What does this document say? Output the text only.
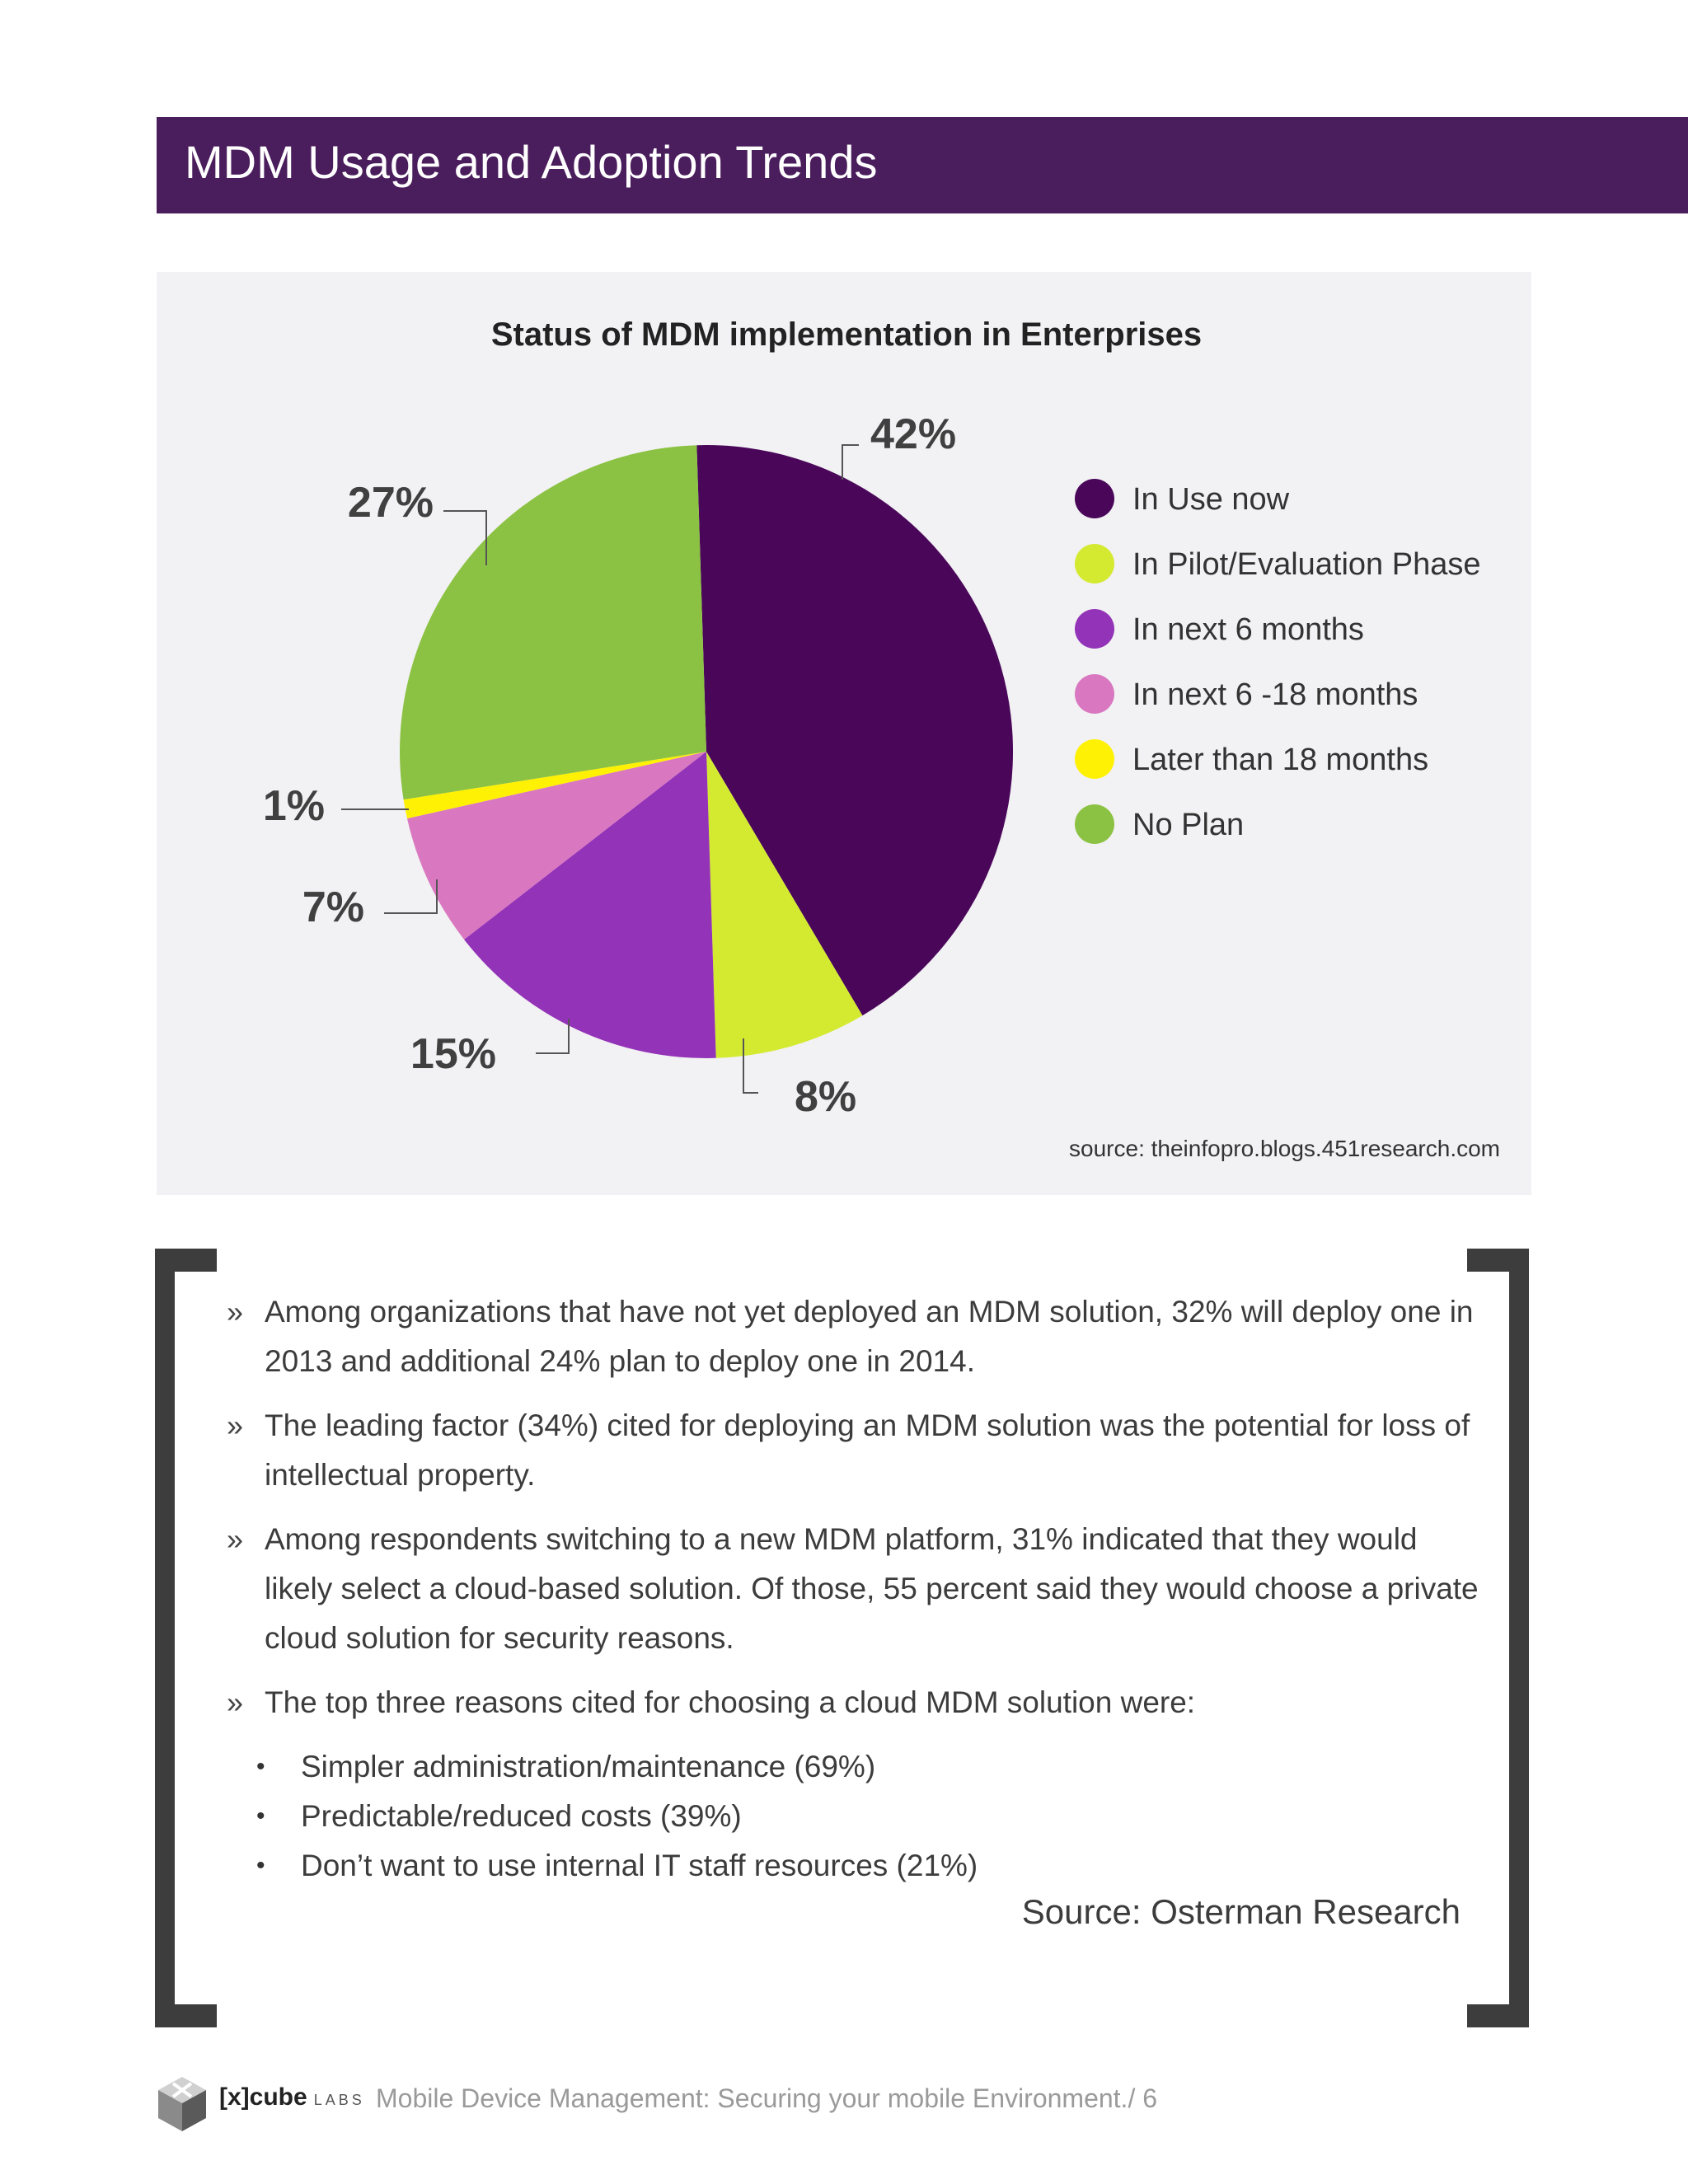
MDM Usage and Adoption Trends
Status of MDM implementation in Enterprises
42%
8%
15%
7%
1%
27%	In Use now
In Pilot/Evaluation Phase
In next 6 months
In next 6 -18 months
Later than 18 months
No Plan
source: theinfopro.blogs.451research.com
» Among organizations that have not yet deployed an MDM solution, 32% will deploy one in 2013 and additional 24% plan to deploy one in 2014.
» The leading factor (34%) cited for deploying an MDM solution was the potential for loss of intellectual property.
» Among respondents switching to a new MDM platform, 31% indicated that they would likely select a cloud-based solution. Of those, 55 percent said they would choose a private cloud solution for security reasons.
» The top three reasons cited for choosing a cloud MDM solution were:
• Simpler administration/maintenance (69%)
• Predictable/reduced costs (39%)
• Don’t want to use internal IT staff resources (21%)
Source: Osterman Research
[x]cube LABS Mobile Device Management: Securing your mobile Environment./ 6
